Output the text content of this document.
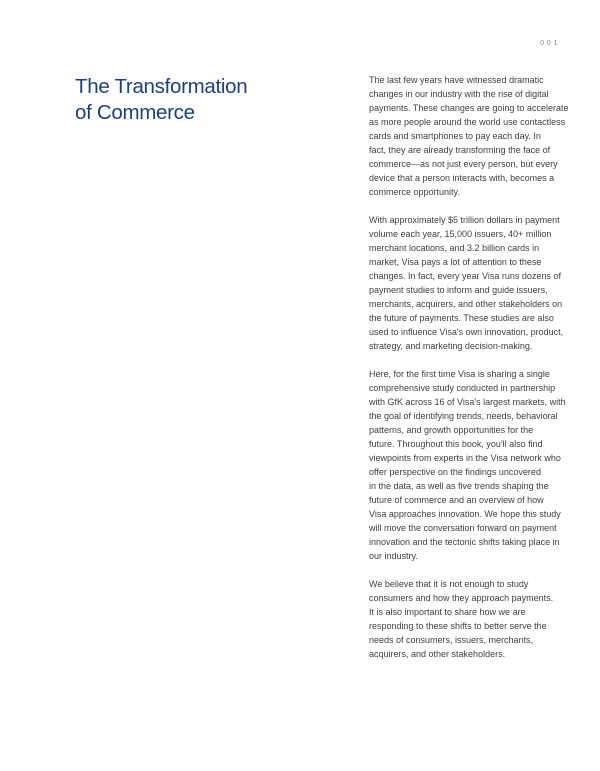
001
The Transformation
of Commerce

The last few years have witnessed dramatic
changes in our industry with the rise of digital
payments. These changes are going to accelerate
as more people around the world use contactless
cards and smartphones to pay each day. In
fact, they are already transforming the face of
commerce—as not just every person, but every
device that a person interacts with, becomes a
commerce opportunity.

With approximately $5 trillion dollars in payment
volume each year, 15,000 issuers, 40+ million
merchant locations, and 3.2 billion cards in
market, Visa pays a lot of attention to these
changes. In fact, every year Visa runs dozens of
payment studies to inform and guide issuers,
merchants, acquirers, and other stakeholders on
the future of payments. These studies are also
used to influence Visa's own innovation, product,
strategy, and marketing decision-making.

Here, for the first time Visa is sharing a single
comprehensive study conducted in partnership
with GfK across 16 of Visa's largest markets, with
the goal of identifying trends, needs, behavioral
patterns, and growth opportunities for the
future. Throughout this book, you'll also find
viewpoints from experts in the Visa network who
offer perspective on the findings uncovered
in the data, as well as five trends shaping the
future of commerce and an overview of how
Visa approaches innovation. We hope this study
will move the conversation forward on payment
innovation and the tectonic shifts taking place in
our industry.

We believe that it is not enough to study
consumers and how they approach payments.
It is also important to share how we are
responding to these shifts to better serve the
needs of consumers, issuers, merchants,
acquirers, and other stakeholders.
